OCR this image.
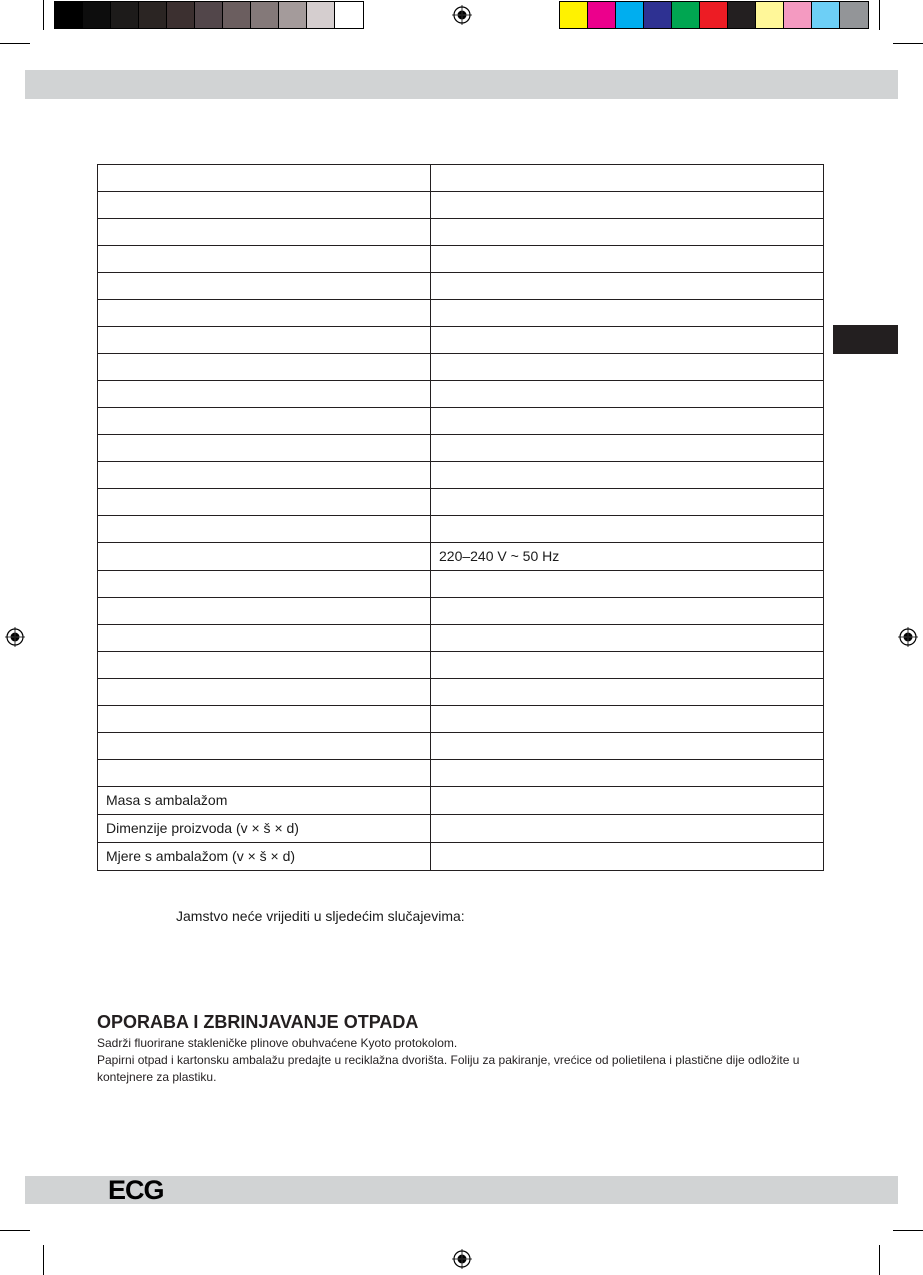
	220–240 V ~ 50 Hz

Masa s ambalažom	
Dimenzije proizvoda (v × š × d)	
Mjere s ambalažom (v × š × d)	
Jamstvo neće vrijediti u sljedećim slučajevima:
OPORABA I ZBRINJAVANJE OTPADA
Sadrži fluorirane stakleničke plinove obuhvaćene Kyoto protokolom.
Papirni otpad i kartonsku ambalažu predajte u reciklažna dvorišta. Foliju za pakiranje, vrećice od polietilena i plastične dije odložite u kontejnere za plastiku.
ECG
